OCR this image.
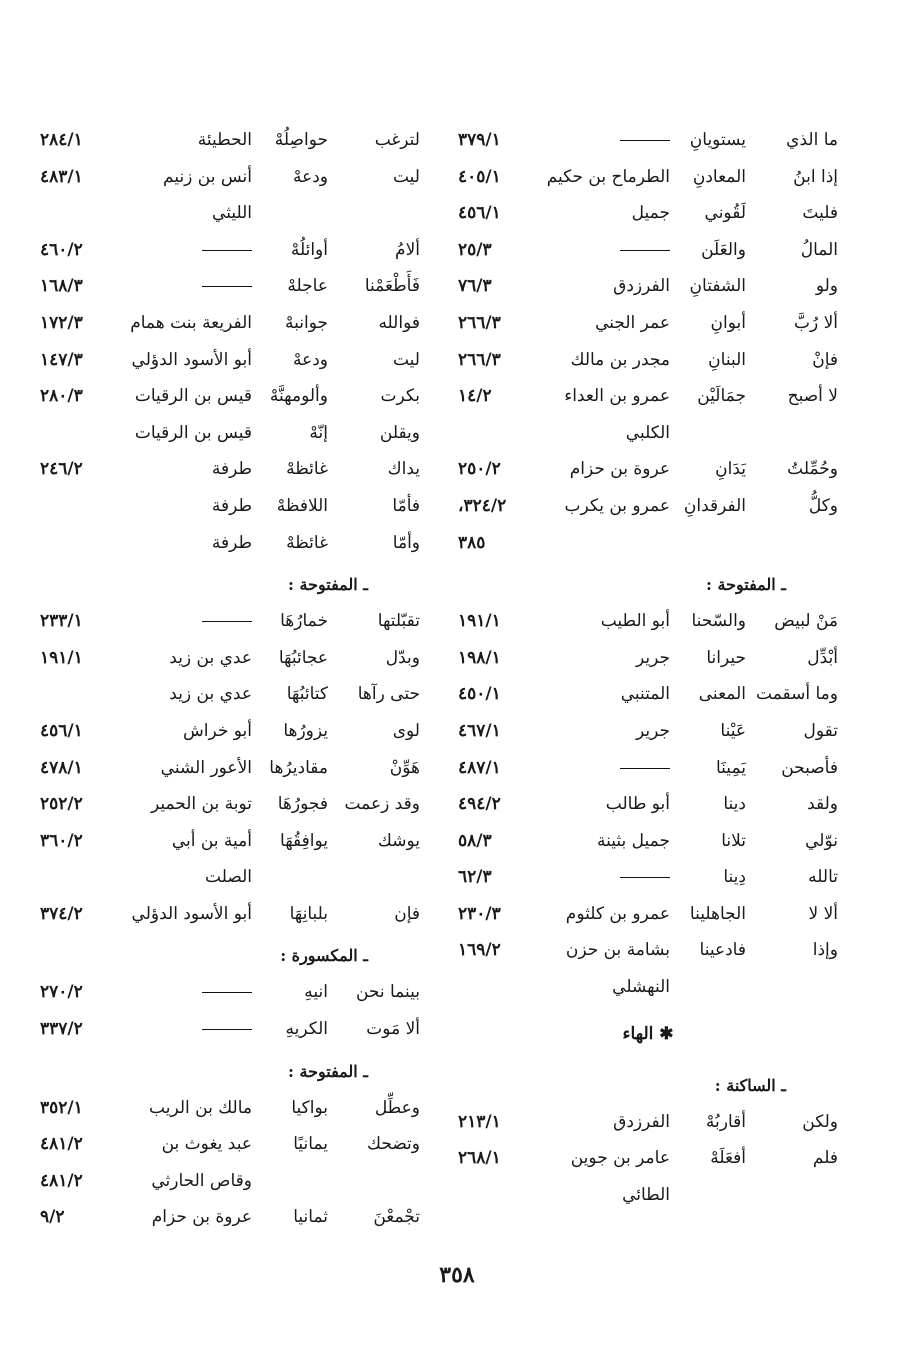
ما الذي
يستويانِ
٣٧٩/١
إذا ابنُ
المعادنِ
الطرماح بن حكيم
٤٠٥/١
فليتَ
لَقُوني
جميل
٤٥٦/١
المالُ
والعَلَن
٢٥/٣
ولو
الشفتانِ
الفرزدق
٧٦/٣
ألا رُبَّ
أبوانِ
عمر الجني
٢٦٦/٣
فإنْ
البنانِ
مجدر بن مالك
٢٦٦/٣
لا أصبح
جمَالَيْن
عمرو بن العداء
١٤/٢
الكلبي
وحُمِّلتُ
يَدَانِ
عروة بن حزام
٢٥٠/٢
وكلُّ
الفرقدانِ
عمرو بن يكرب
٣٢٤/٢،
٣٨٥
ـ المفتوحة :
مَنْ لبيض
والسّحنا
أبو الطيب
١٩١/١
أبْدِّل
حيرانا
جرير
١٩٨/١
وما أسقمت
المعنى
المتنبي
٤٥٠/١
تقول
عَيْنا
جرير
٤٦٧/١
فأصبحن
يَمِينَا
٤٨٧/١
ولقد
دينا
أبو طالب
٤٩٤/٢
نوّلي
تلانا
جميل بثينة
٥٨/٣
تالله
دِينا
٦٢/٣
ألا لا
الجاهلينا
عمرو بن كلثوم
٢٣٠/٣
وإذا
فادعينا
بشامة بن حزن
١٦٩/٢
النهشلي
✱ الهاء
ـ الساكنة :
ولكن
أقاربُهْ
الفرزدق
٢١٣/١
فلم
أفعَلَهْ
عامر بن جوين
٢٦٨/١
الطائي
لترغب
حواصِلُهْ
الحطيئة
٢٨٤/١
ليت
ودعهْ
أنس بن زنيم
٤٨٣/١
الليثي
ألامُ
أوائلُهْ
٤٦٠/٢
فَأَطْعَمْنا
عاجلهْ
١٦٨/٣
فوالله
جوانبهْ
الفريعة بنت همام
١٧٢/٣
ليت
ودعهْ
أبو الأسود الدؤلي
١٤٧/٣
بكرت
وألومهنَّهْ
قيس بن الرقيات
٢٨٠/٣
ويقلن
إنّهْ
قيس بن الرقيات
يداك
غائظهْ
طرفة
٢٤٦/٢
فأمّا
اللافظهْ
طرفة
وأمّا
غائظهْ
طرفة
ـ المفتوحة :
تقبّلتها
خمارُهَا
٢٣٣/١
وبدّل
عجائبُهَا
عدي بن زيد
١٩١/١
حتى رآها
كتائبُهَا
عدي بن زيد
لوى
يزورُها
أبو خراش
٤٥٦/١
هَوِّنْ
مقاديرُها
الأعور الشني
٤٧٨/١
وقد زعمت
فجورُهَا
توبة بن الحمير
٢٥٢/٢
يوشك
يوافِقُهَا
أمية بن أبي
٣٦٠/٢
الصلت
فإن
بلبانِهَا
أبو الأسود الدؤلي
٣٧٤/٢
ـ المكسورة :
بينما نحن
انيهِ
٢٧٠/٢
ألا مَوت
الكريهِ
٣٣٧/٢
ـ المفتوحة :
وعطِّل
بواكيا
مالك بن الريب
٣٥٢/١
وتضحك
يمانيًا
عبد يغوث بن
٤٨١/٢
وقاص الحارثي
٤٨١/٢
تجْمعْنَ
ثمانيا
عروة بن حزام
٩/٢
٣٥٨
